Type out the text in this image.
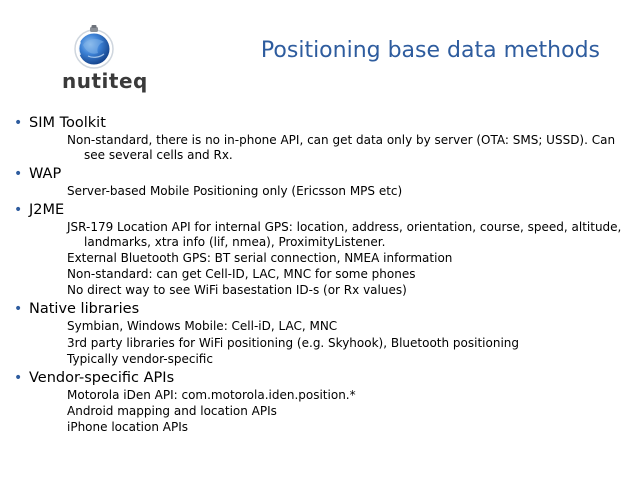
nutiteq
Positioning base data methods
• SIM Toolkit
Non-standard, there is no in-phone API, can get data only by server (OTA: SMS; USSD). Can see several cells and Rx.
• WAP
Server-based Mobile Positioning only (Ericsson MPS etc)
• J2ME
JSR-179 Location API for internal GPS: location, address, orientation, course, speed, altitude, landmarks, xtra info (lif, nmea), ProximityListener.
External Bluetooth GPS: BT serial connection, NMEA information
Non-standard: can get Cell-ID, LAC, MNC for some phones
No direct way to see WiFi basestation ID-s (or Rx values)
• Native libraries
Symbian, Windows Mobile: Cell-iD, LAC, MNC
3rd party libraries for WiFi positioning (e.g. Skyhook), Bluetooth positioning
Typically vendor-specific
• Vendor-specific APIs
Motorola iDen API: com.motorola.iden.position.*
Android mapping and location APIs
iPhone location APIs
